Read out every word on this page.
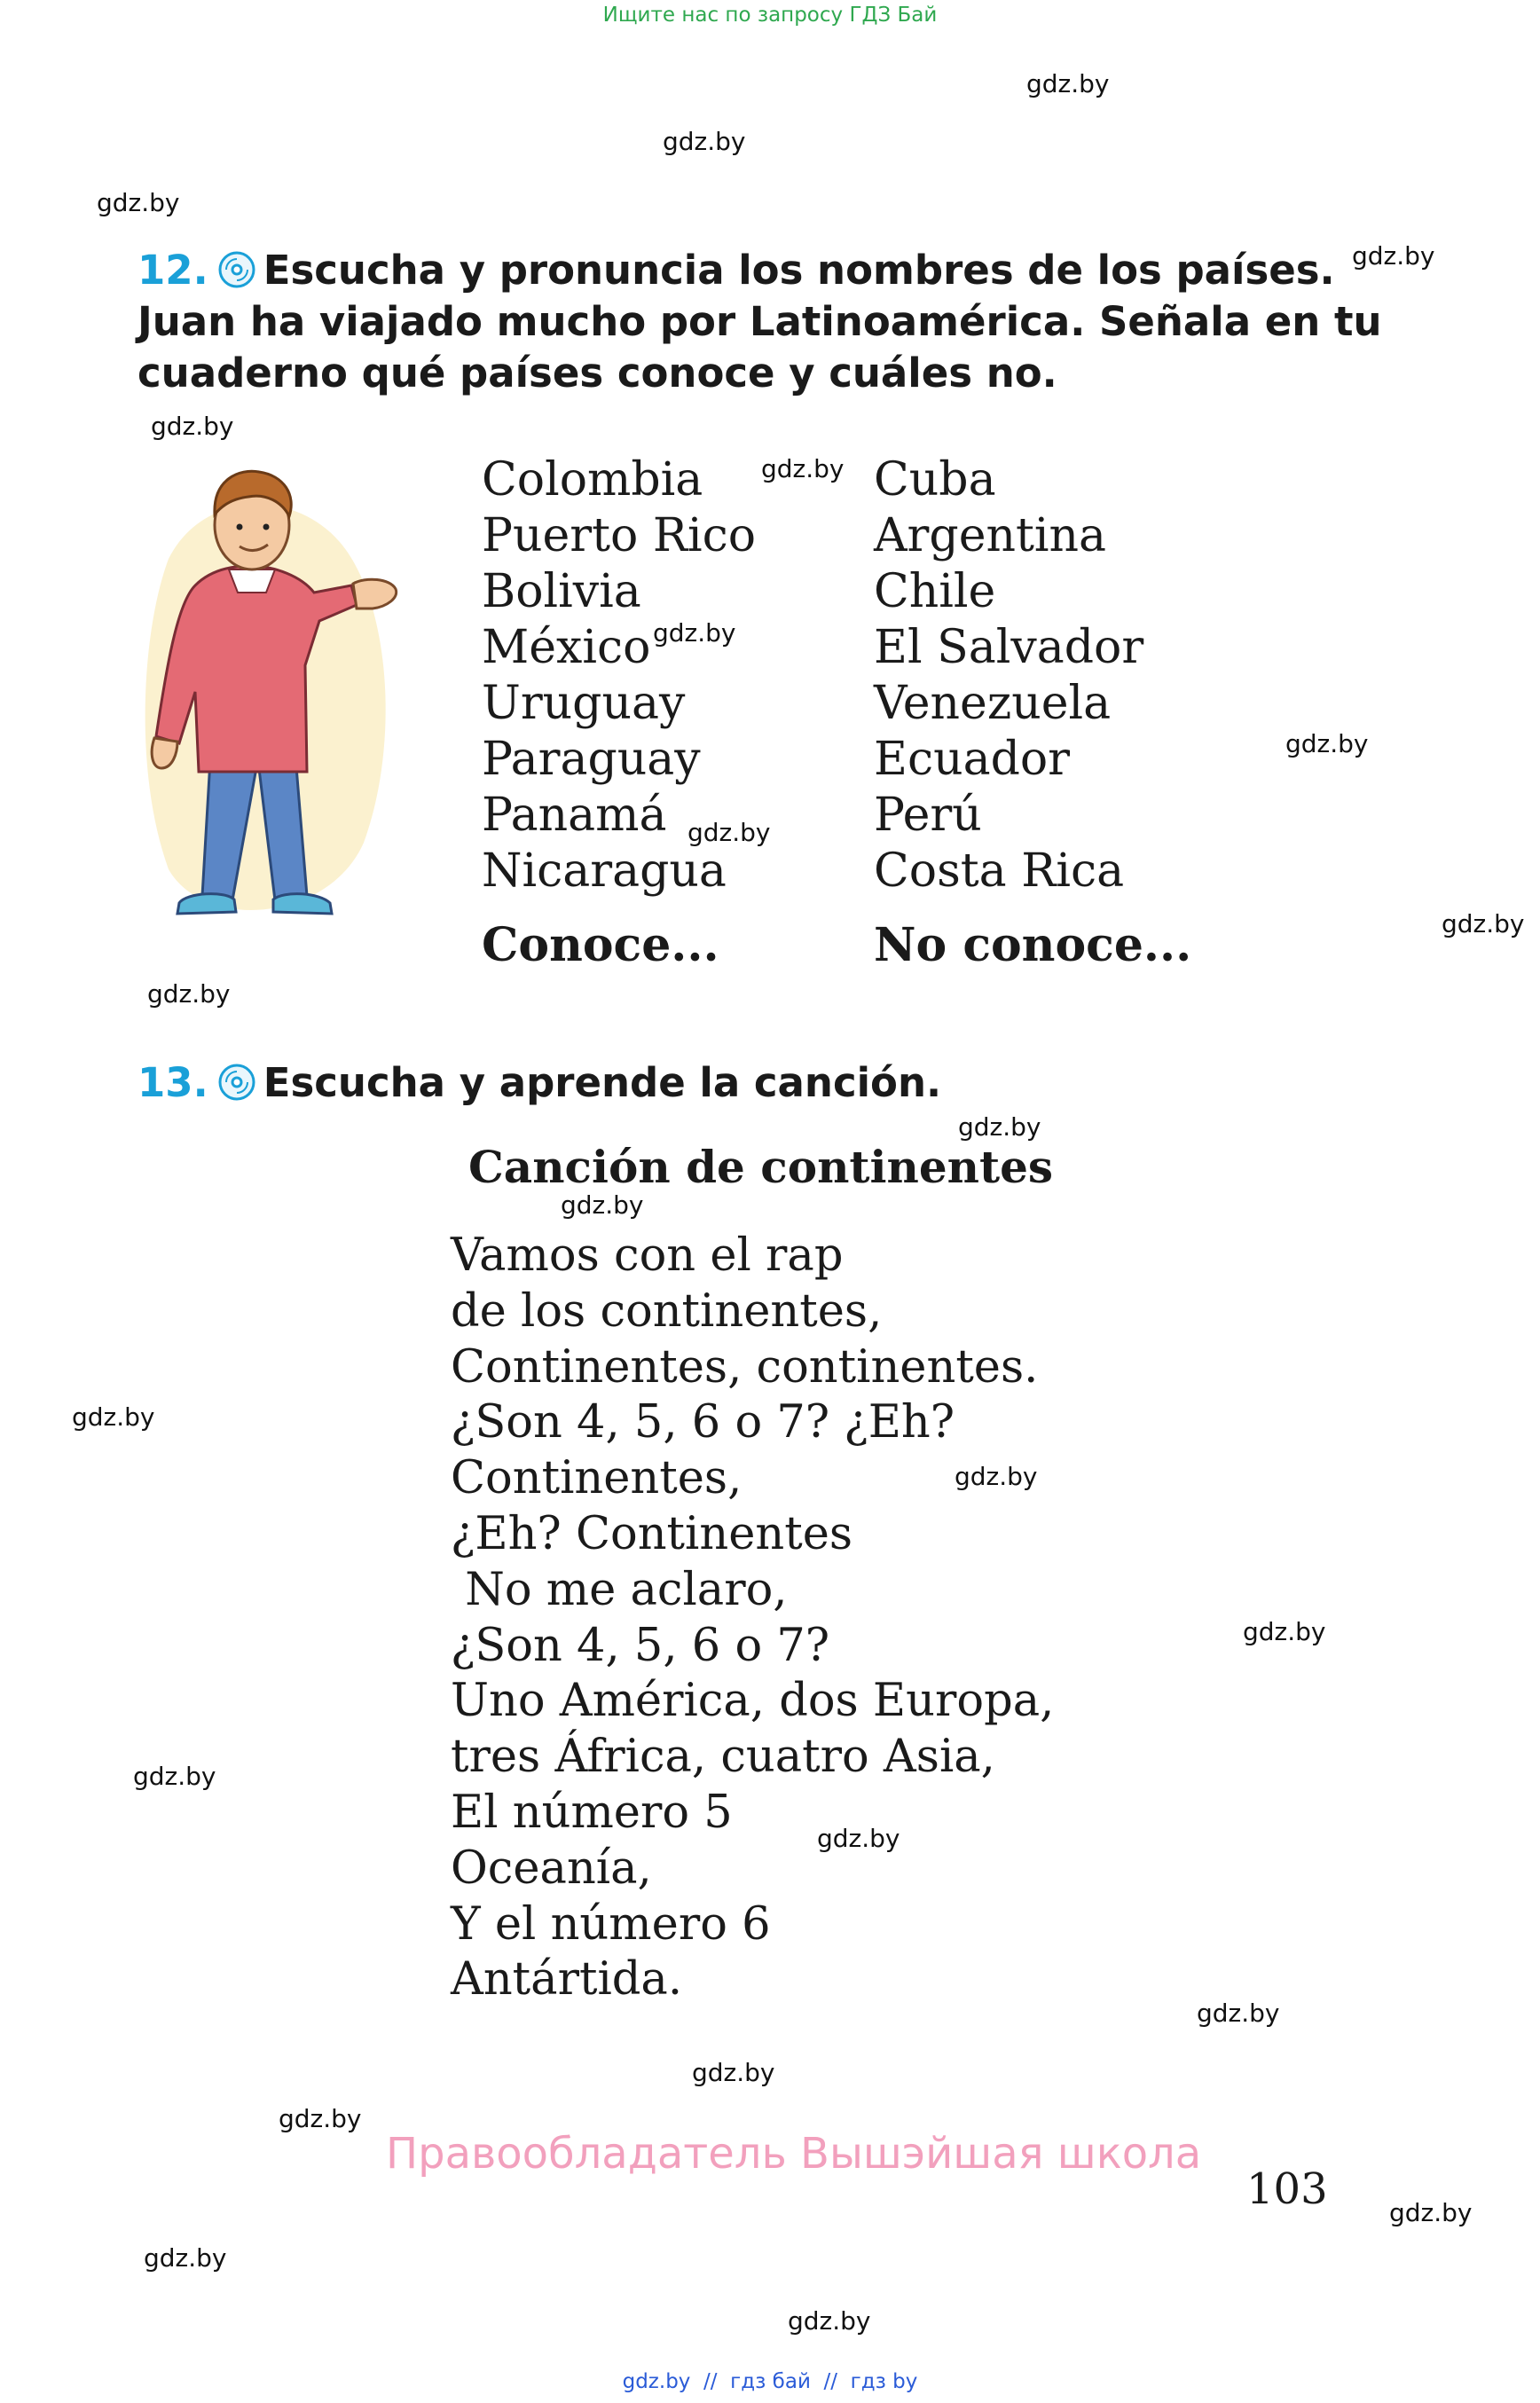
Ищите нас по запросу ГДЗ Бай
gdz.by
gdz.by
gdz.by
gdz.by
gdz.by
gdz.by
gdz.by
gdz.by
gdz.by
gdz.by
gdz.by
gdz.by
gdz.by
gdz.by
gdz.by
gdz.by
gdz.by
gdz.by
gdz.by
gdz.by
gdz.by
gdz.by
gdz.by
gdz.by
12. Escucha y pronuncia los nombres de los países.
Juan ha viajado mucho por Latinoamérica. Señala en tu
cuaderno qué países conoce y cuáles no.
Colombia
Puerto Rico
Bolivia
México
Uruguay
Paraguay
Panamá
Nicaragua
Cuba
Argentina
Chile
El Salvador
Venezuela
Ecuador
Perú
Costa Rica
Conoce...	No conoce...
13. Escucha y aprende la canción.
Canción de continentes
Vamos con el rap
de los continentes,
Continentes, continentes.
¿Son 4, 5, 6 o 7? ¿Eh?
Continentes,
¿Eh? Continentes
No me aclaro,
¿Son 4, 5, 6 o 7?
Uno América, dos Europa,
tres África, cuatro Asia,
El número 5
Oceanía,
Y el número 6
Antártida.
Правообладатель Вышэйшая школа
103
gdz.by  //  гдз бай  //  гдз by
